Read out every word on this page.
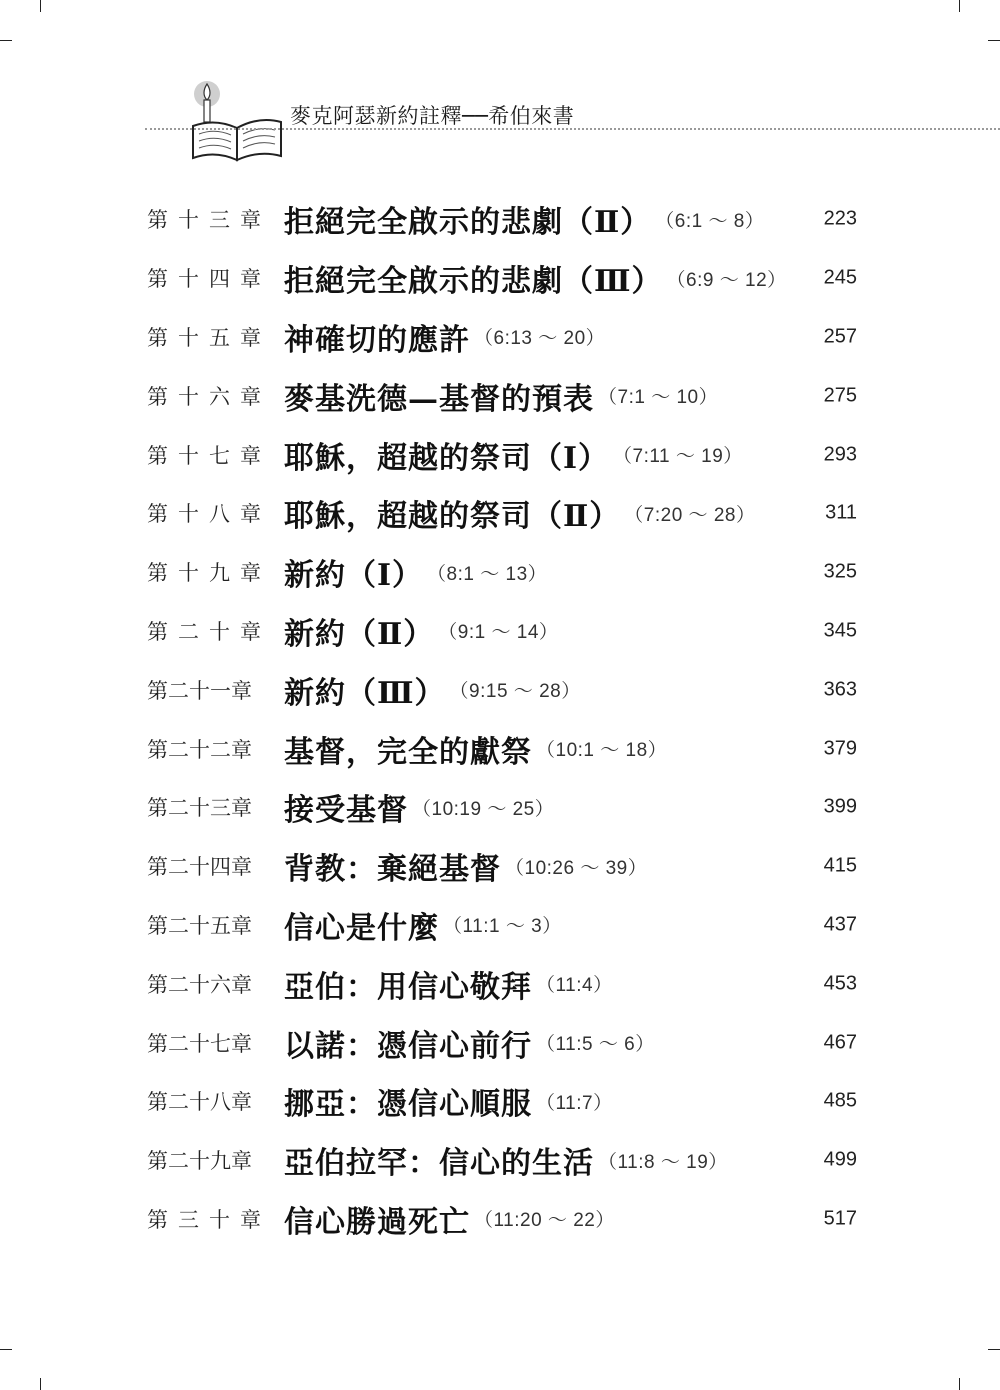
麥克阿瑟新約註釋──希伯來書
第十三章 拒絕完全啟示的悲劇（Ⅱ） （6:1 ～ 8）	223
第十四章 拒絕完全啟示的悲劇（Ⅲ） （6:9 ～ 12） 245
第十五章 神確切的應許 （6:13 ～ 20）	257
第十六章 麥基洗德—基督的預表 （7:1 ～ 10）	275
第十七章 耶穌，超越的祭司（Ⅰ） （7:11 ～ 19）	293
第十八章 耶穌，超越的祭司（Ⅱ） （7:20 ～ 28）	311
第十九章 新約（Ⅰ） （8:1 ～ 13）	325
第二十章 新約（Ⅱ） （9:1 ～ 14）	345
第二十一章	新約（Ⅲ） （9:15 ～ 28）	363
第二十二章	基督，完全的獻祭 （10:1 ～ 18）	379
第二十三章	接受基督 （10:19 ～ 25）	399
第二十四章	背教：棄絕基督 （10:26 ～ 39）	415
第二十五章	信心是什麼 （11:1 ～ 3）	437
第二十六章	亞伯：用信心敬拜 （11:4）	453
第二十七章	以諾：憑信心前行 （11:5 ～ 6）	467
第二十八章	挪亞：憑信心順服 （11:7）	485
第二十九章	亞伯拉罕：信心的生活 （11:8 ～ 19）	499
第三十章 信心勝過死亡 （11:20 ～ 22）	517
